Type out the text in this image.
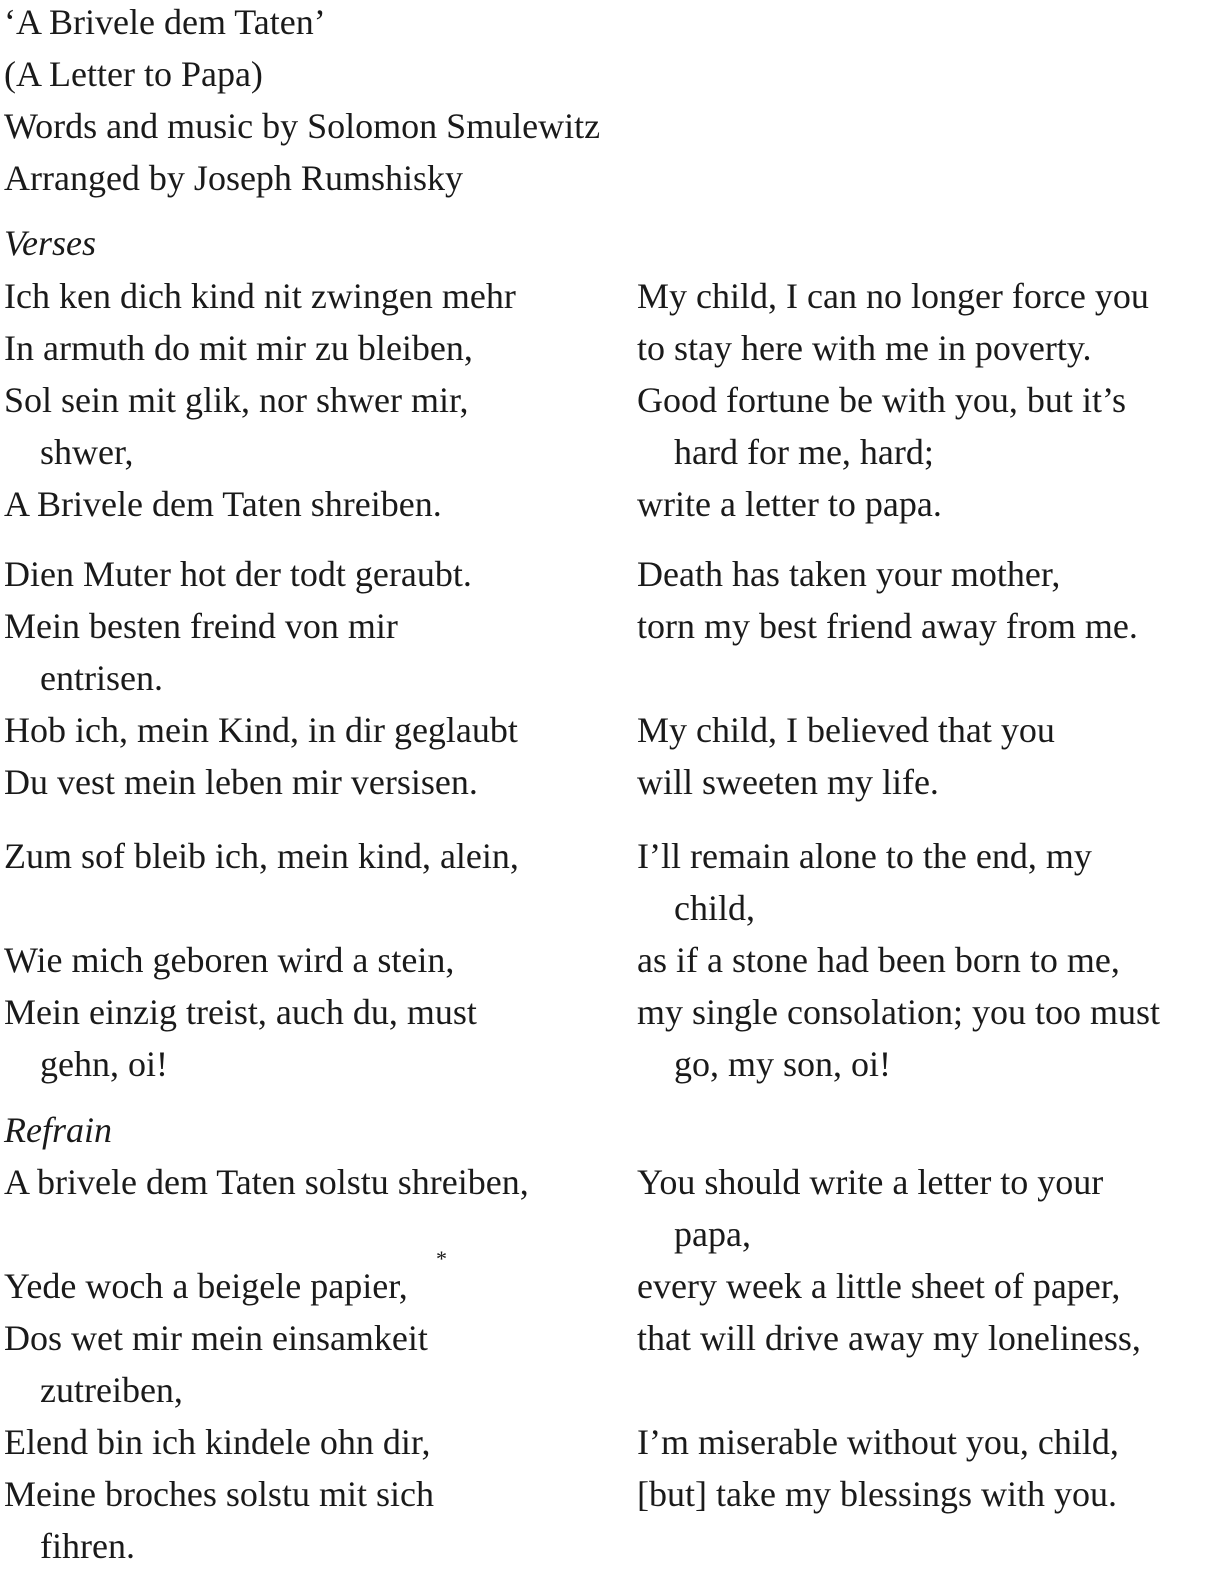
‘A Brivele dem Taten’
(A Letter to Papa)
Words and music by Solomon Smulewitz
Arranged by Joseph Rumshisky
Verses
Ich ken dich kind nit zwingen mehr
In armuth do mit mir zu bleiben,
Sol sein mit glik, nor shwer mir,
shwer,
A Brivele dem Taten shreiben.
Dien Muter hot der todt geraubt.
Mein besten freind von mir
entrisen.
Hob ich, mein Kind, in dir geglaubt
Du vest mein leben mir versisen.
Zum sof bleib ich, mein kind, alein,
Wie mich geboren wird a stein,
Mein einzig treist, auch du, must
gehn, oi!
Refrain
A brivele dem Taten solstu shreiben,
Yede woch a beigele papier,
*
Dos wet mir mein einsamkeit
zutreiben,
Elend bin ich kindele ohn dir,
Meine broches solstu mit sich
fihren.
My child, I can no longer force you
to stay here with me in poverty.
Good fortune be with you, but it’s
hard for me, hard;
write a letter to papa.
Death has taken your mother,
torn my best friend away from me.
My child, I believed that you
will sweeten my life.
I’ll remain alone to the end, my
child,
as if a stone had been born to me,
my single consolation; you too must
go, my son, oi!
You should write a letter to your
papa,
every week a little sheet of paper,
that will drive away my loneliness,
I’m miserable without you, child,
[but] take my blessings with you.
